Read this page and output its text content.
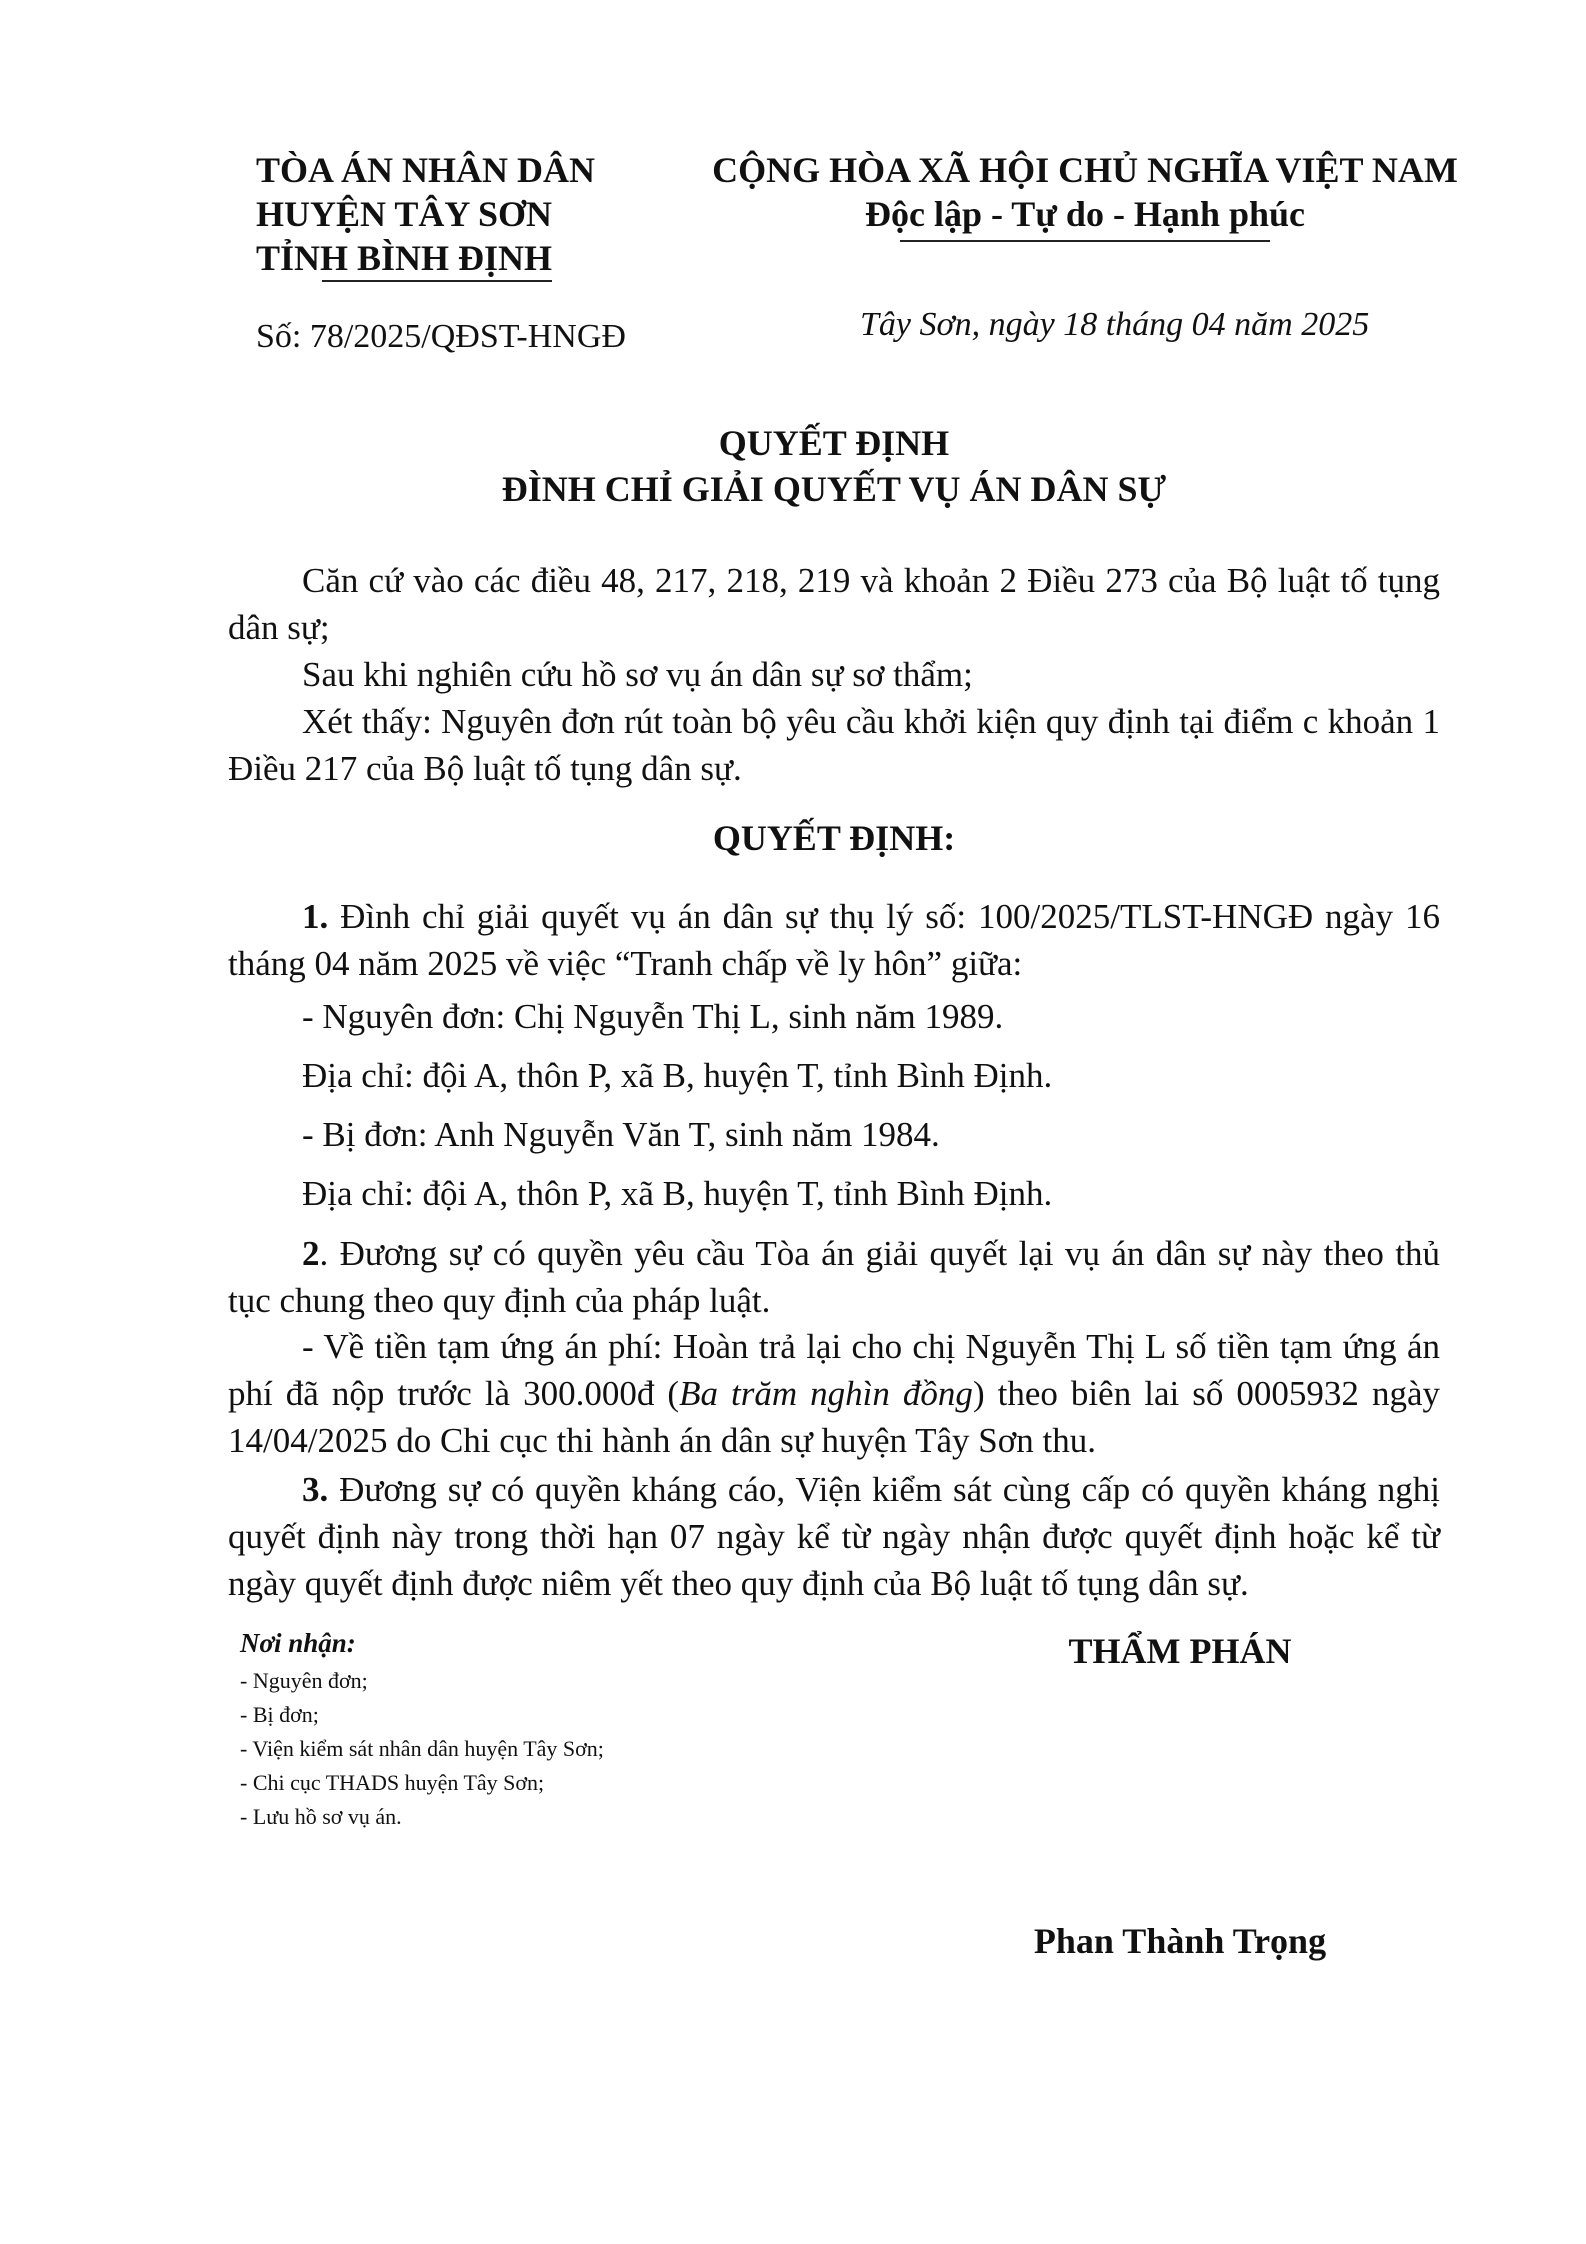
TÒA ÁN NHÂN DÂN
HUYỆN TÂY SƠN
TỈNH BÌNH ĐỊNH
CỘNG HÒA XÃ HỘI CHỦ NGHĨA VIỆT NAM
Độc lập - Tự do - Hạnh phúc
Số: 78/2025/QĐST-HNGĐ	Tây Sơn, ngày 18 tháng 04 năm 2025
QUYẾT ĐỊNH
ĐÌNH CHỈ GIẢI QUYẾT VỤ ÁN DÂN SỰ
Căn cứ vào các điều 48, 217, 218, 219 và khoản 2 Điều 273 của Bộ luật tố tụng dân sự;
Sau khi nghiên cứu hồ sơ vụ án dân sự sơ thẩm;
Xét thấy: Nguyên đơn rút toàn bộ yêu cầu khởi kiện quy định tại điểm c khoản 1 Điều 217 của Bộ luật tố tụng dân sự.
QUYẾT ĐỊNH:
1. Đình chỉ giải quyết vụ án dân sự thụ lý số: 100/2025/TLST-HNGĐ ngày 16 tháng 04 năm 2025 về việc “Tranh chấp về ly hôn” giữa:
- Nguyên đơn: Chị Nguyễn Thị L, sinh năm 1989.
Địa chỉ: đội A, thôn P, xã B, huyện T, tỉnh Bình Định.
- Bị đơn: Anh Nguyễn Văn T, sinh năm 1984.
Địa chỉ: đội A, thôn P, xã B, huyện T, tỉnh Bình Định.
2. Đương sự có quyền yêu cầu Tòa án giải quyết lại vụ án dân sự này theo thủ tục chung theo quy định của pháp luật.
- Về tiền tạm ứng án phí: Hoàn trả lại cho chị Nguyễn Thị L số tiền tạm ứng án phí đã nộp trước là 300.000đ (Ba trăm nghìn đồng) theo biên lai số 0005932 ngày 14/04/2025 do Chi cục thi hành án dân sự huyện Tây Sơn thu.
3. Đương sự có quyền kháng cáo, Viện kiểm sát cùng cấp có quyền kháng nghị quyết định này trong thời hạn 07 ngày kể từ ngày nhận được quyết định hoặc kể từ ngày quyết định được niêm yết theo quy định của Bộ luật tố tụng dân sự.
Nơi nhận:
- Nguyên đơn;
- Bị đơn;
- Viện kiểm sát nhân dân huyện Tây Sơn;
- Chi cục THADS huyện Tây Sơn;
- Lưu hồ sơ vụ án.
THẨM PHÁN
Phan Thành Trọng
